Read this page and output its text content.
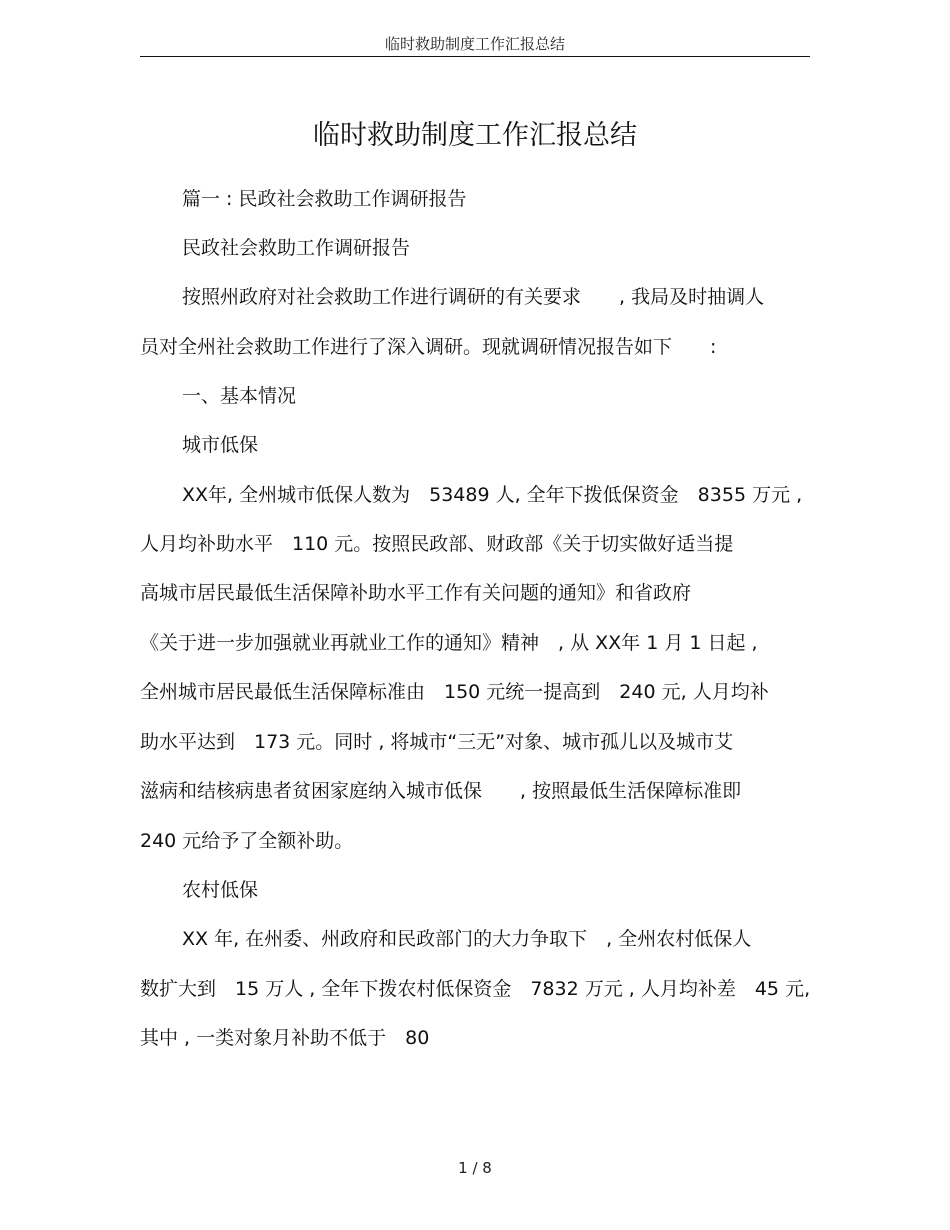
临时救助制度工作汇报总结
临时救助制度工作汇报总结
篇一 : 民政社会救助工作调研报告
民政社会救助工作调研报告
按照州政府对社会救助工作进行调研的有关要求　　, 我局及时抽调人
员对全州社会救助工作进行了深入调研。现就调研情况报告如下　　:
一、基本情况
城市低保
XX年, 全州城市低保人数为　53489 人, 全年下拨低保资金　8355 万元 ,
人月均补助水平　110 元。按照民政部、财政部《关于切实做好适当提
高城市居民最低生活保障补助水平工作有关问题的通知》和省政府
《关于进一步加强就业再就业工作的通知》精神　, 从 XX年 1 月 1 日起 ,
全州城市居民最低生活保障标准由　150 元统一提高到　240 元, 人月均补
助水平达到　173 元。同时 , 将城市“三无”对象、城市孤儿以及城市艾
滋病和结核病患者贫困家庭纳入城市低保　　, 按照最低生活保障标准即
240 元给予了全额补助。
农村低保
XX 年, 在州委、州政府和民政部门的大力争取下　, 全州农村低保人
数扩大到　15 万人 , 全年下拨农村低保资金　7832 万元 , 人月均补差　45 元,
其中 , 一类对象月补助不低于　80
1 / 8
